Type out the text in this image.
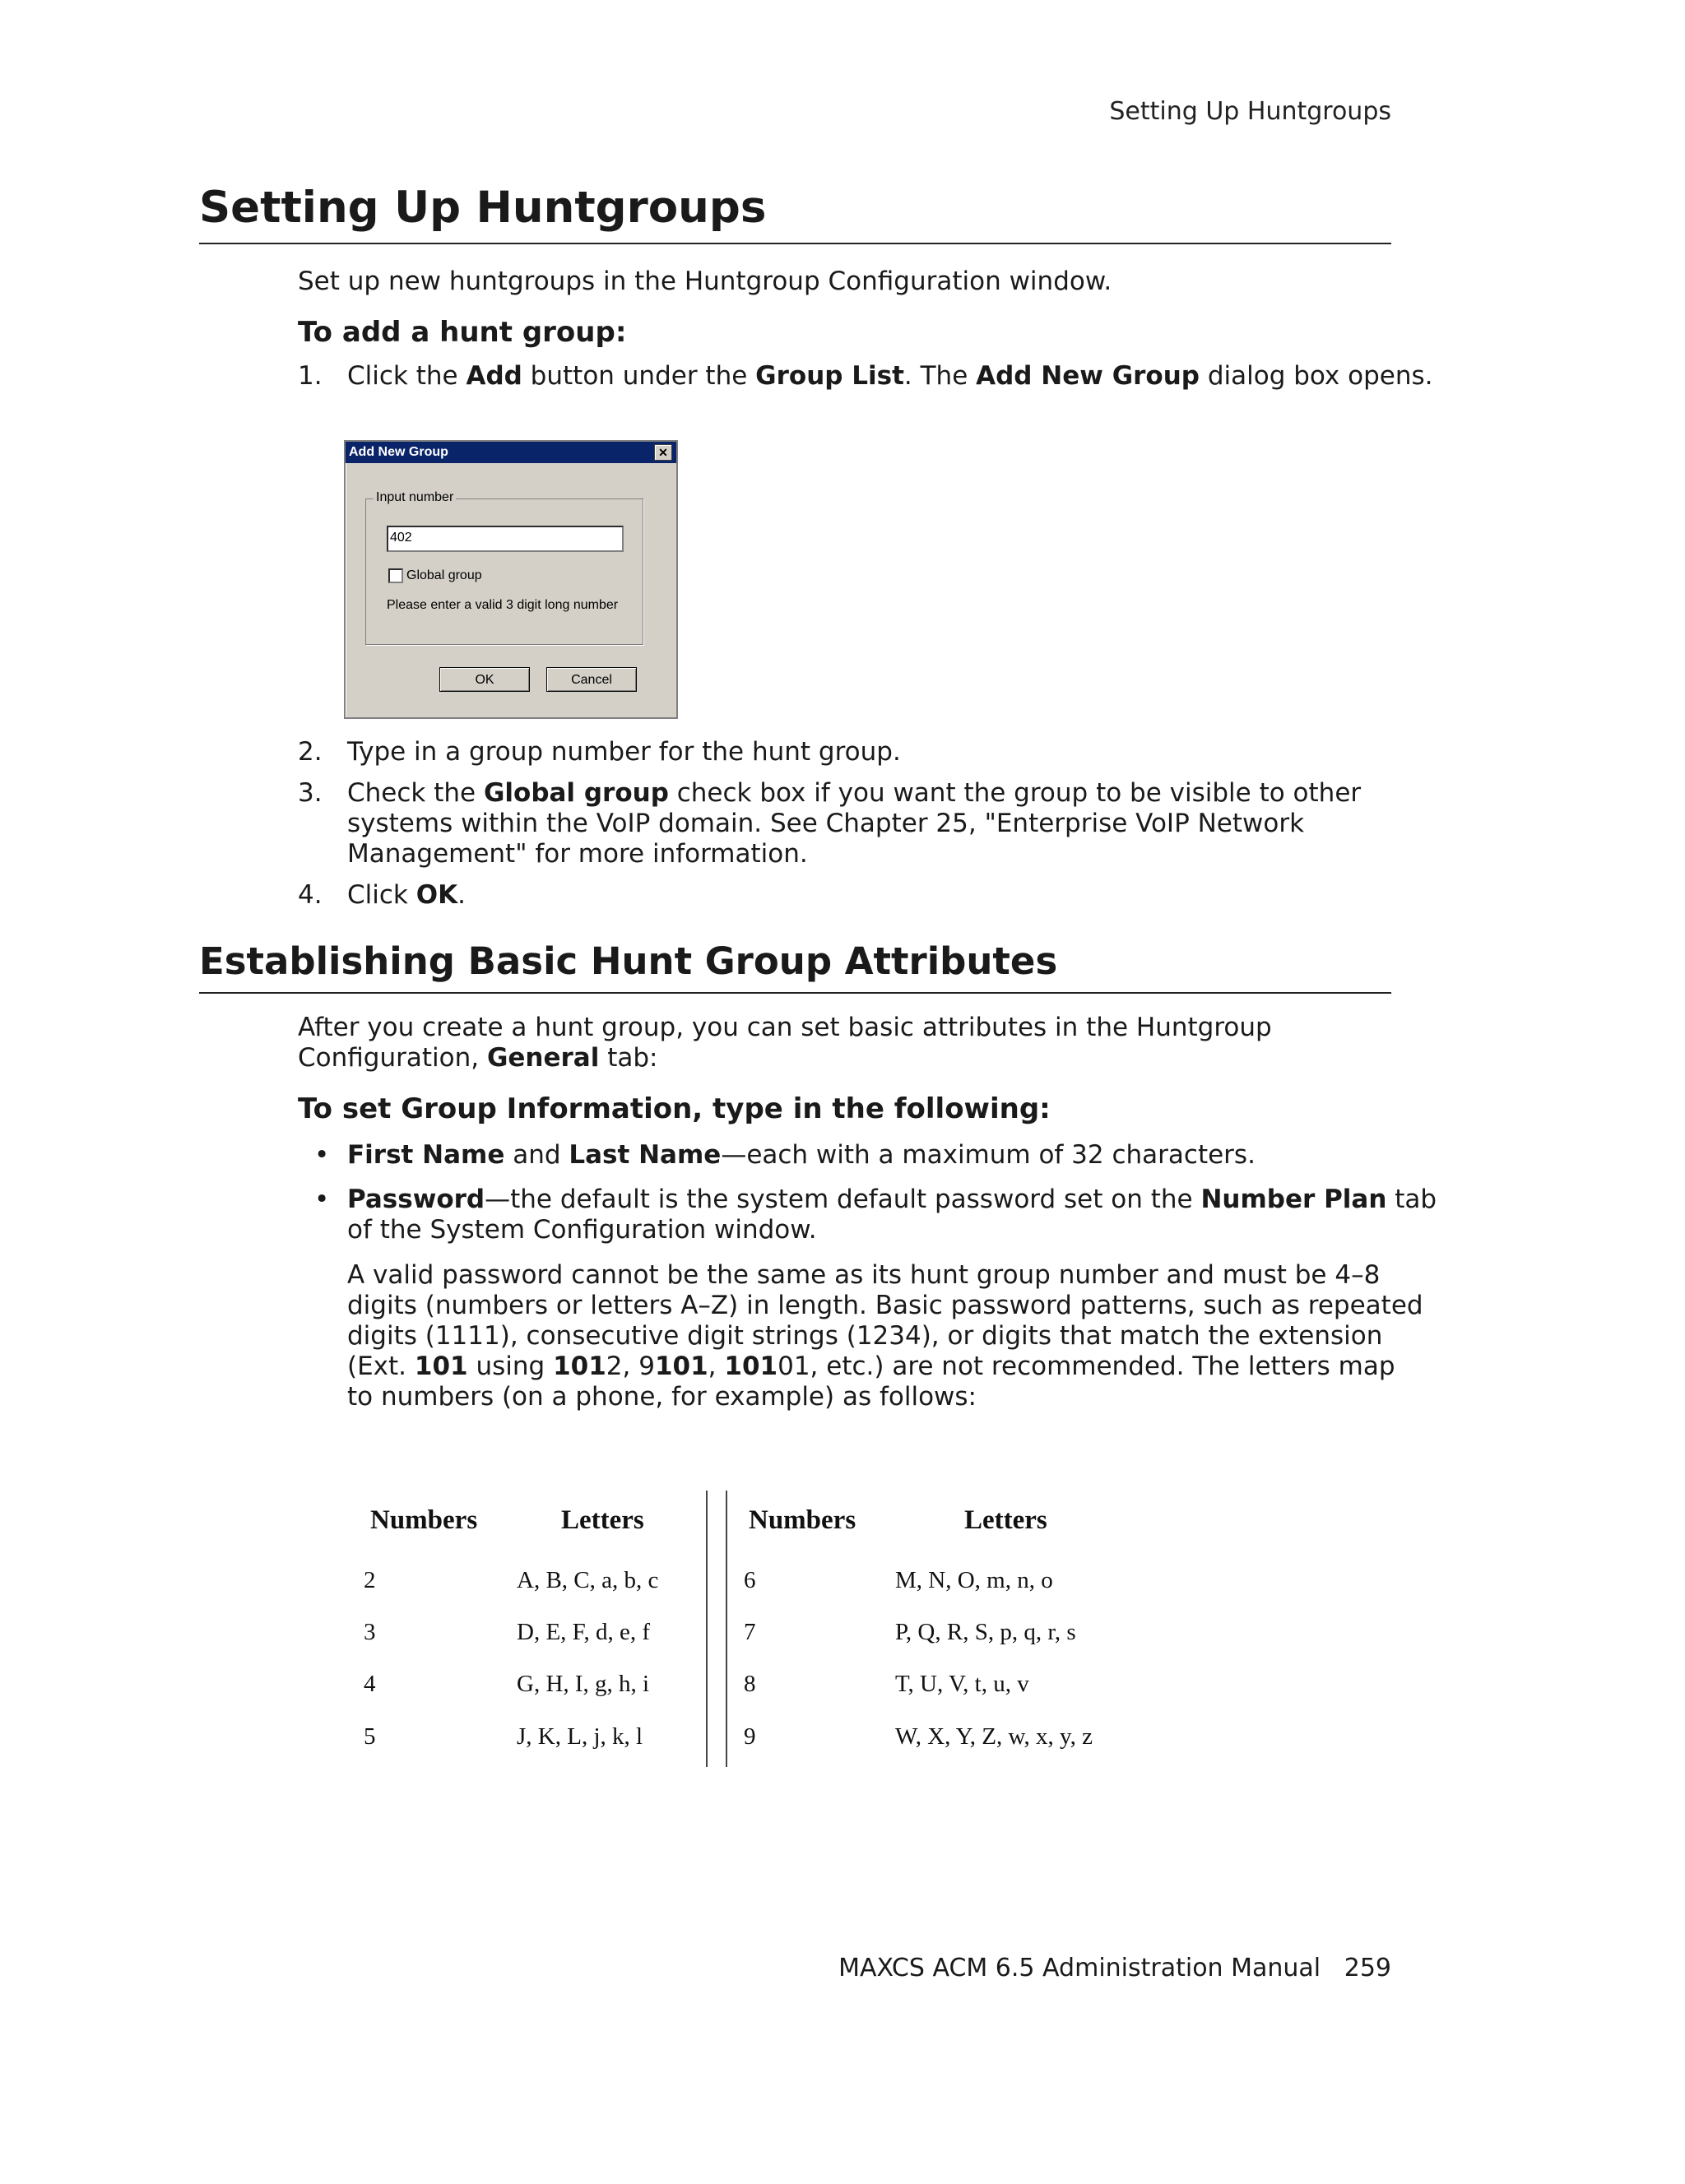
Setting Up Huntgroups
Setting Up Huntgroups
Set up new huntgroups in the Huntgroup Configuration window.
To add a hunt group:
1. Click the Add button under the Group List. The Add New Group dialog box opens.
Add New Group	✕
Input number
402
Global group
Please enter a valid 3 digit long number
OK	Cancel
2. Type in a group number for the hunt group.
3. Check the Global group check box if you want the group to be visible to other
systems within the VoIP domain. See Chapter 25, "Enterprise VoIP Network
Management" for more information.
4. Click OK.
Establishing Basic Hunt Group Attributes
After you create a hunt group, you can set basic attributes in the Huntgroup
Configuration, General tab:
To set Group Information, type in the following:
• First Name and Last Name—each with a maximum of 32 characters.
• Password—the default is the system default password set on the Number Plan tab
of the System Configuration window.
A valid password cannot be the same as its hunt group number and must be 4–8
digits (numbers or letters A–Z) in length. Basic password patterns, such as repeated
digits (1111), consecutive digit strings (1234), or digits that match the extension
(Ext. 101 using 1012, 9101, 10101, etc.) are not recommended. The letters map
to numbers (on a phone, for example) as follows:
Numbers	Letters	Numbers	Letters
2	A, B, C, a, b, c	6	M, N, O, m, n, o
3	D, E, F, d, e, f	7	P, Q, R, S, p, q, r, s
4	G, H, I, g, h, i	8	T, U, V, t, u, v
5	J, K, L, j, k, l	9	W, X, Y, Z, w, x, y, z
MAXCS ACM 6.5 Administration Manual 259
